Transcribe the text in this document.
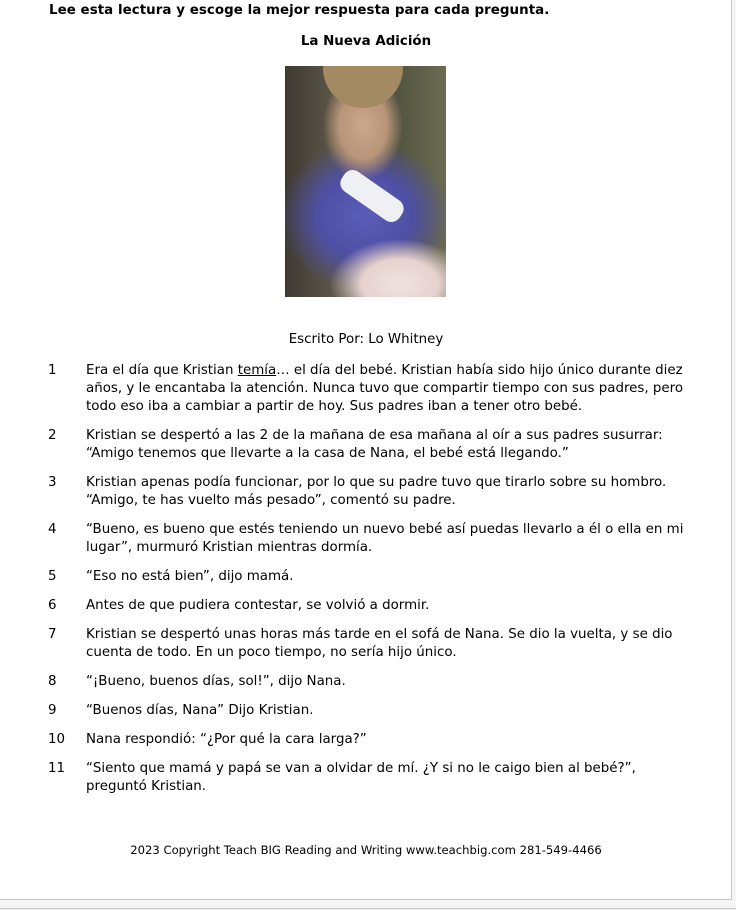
Lee esta lectura y escoge la mejor respuesta para cada pregunta.
La Nueva Adición
Escrito Por: Lo Whitney
1	Era el día que Kristian temía… el día del bebé. Kristian había sido hijo único durante diez años, y le encantaba la atención. Nunca tuvo que compartir tiempo con sus padres, pero todo eso iba a cambiar a partir de hoy. Sus padres iban a tener otro bebé.
2	Kristian se despertó a las 2 de la mañana de esa mañana al oír a sus padres susurrar: “Amigo tenemos que llevarte a la casa de Nana, el bebé está llegando.”
3	Kristian apenas podía funcionar, por lo que su padre tuvo que tirarlo sobre su hombro. “Amigo, te has vuelto más pesado”, comentó su padre.
4	“Bueno, es bueno que estés teniendo un nuevo bebé así puedas llevarlo a él o ella en mi lugar”, murmuró Kristian mientras dormía.
5	“Eso no está bien”, dijo mamá.
6	Antes de que pudiera contestar, se volvió a dormir.
7	Kristian se despertó unas horas más tarde en el sofá de Nana. Se dio la vuelta, y se dio cuenta de todo. En un poco tiempo, no sería hijo único.
8	“¡Bueno, buenos días, sol!”, dijo Nana.
9	“Buenos días, Nana” Dijo Kristian.
10	Nana respondió: “¿Por qué la cara larga?”
11	“Siento que mamá y papá se van a olvidar de mí. ¿Y si no le caigo bien al bebé?”, preguntó Kristian.
2023 Copyright Teach BIG Reading and Writing www.teachbig.com 281-549-4466
